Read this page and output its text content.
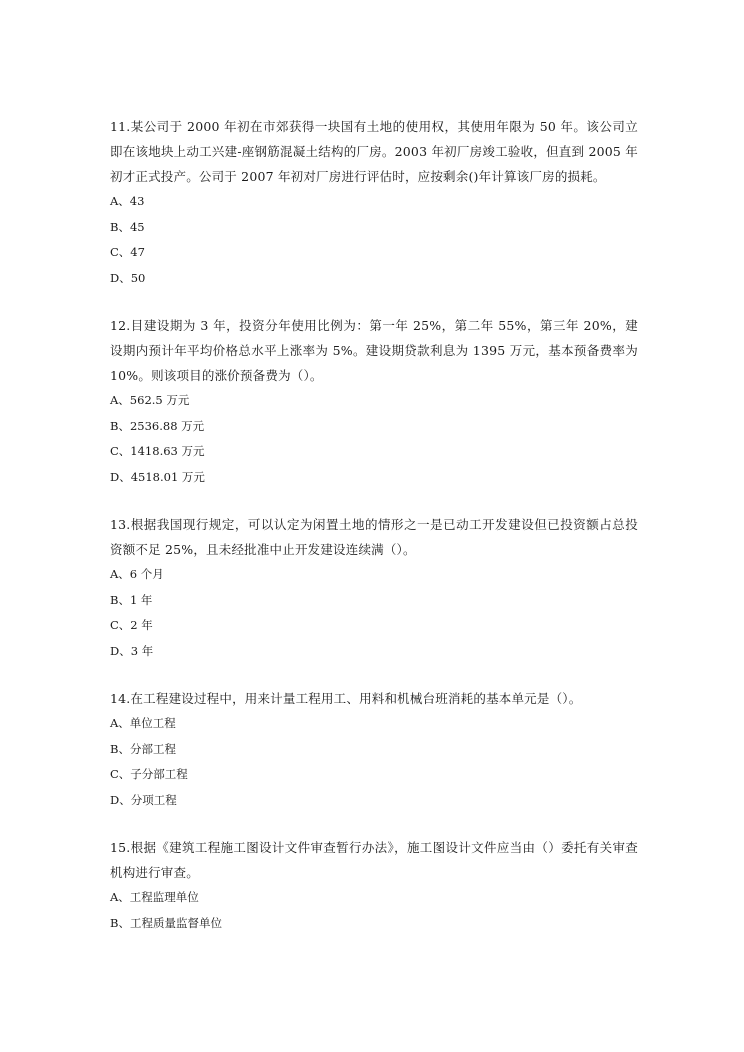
11.某公司于 2000 年初在市郊获得一块国有土地的使用权，其使用年限为 50 年。该公司立即在该地块上动工兴建-座钢筋混凝土结构的厂房。2003 年初厂房竣工验收，但直到 2005 年初才正式投产。公司于 2007 年初对厂房进行评估时，应按剩余()年计算该厂房的损耗。

A、43
B、45
C、47
D、50

12.目建设期为 3 年，投资分年使用比例为：第一年 25%，第二年 55%，第三年 20%，建设期内预计年平均价格总水平上涨率为 5%。建设期贷款利息为 1395 万元，基本预备费率为 10%。则该项目的涨价预备费为（）。

A、562.5 万元
B、2536.88 万元
C、1418.63 万元
D、4518.01 万元

13.根据我国现行规定，可以认定为闲置土地的情形之一是已动工开发建设但已投资额占总投资额不足 25%，且未经批准中止开发建设连续满（）。

A、6 个月
B、1 年
C、2 年
D、3 年

14.在工程建设过程中，用来计量工程用工、用料和机械台班消耗的基本单元是（）。

A、单位工程
B、分部工程
C、子分部工程
D、分项工程

15.根据《建筑工程施工图设计文件审查暂行办法》，施工图设计文件应当由（）委托有关审查机构进行审查。

A、工程监理单位
B、工程质量监督单位
